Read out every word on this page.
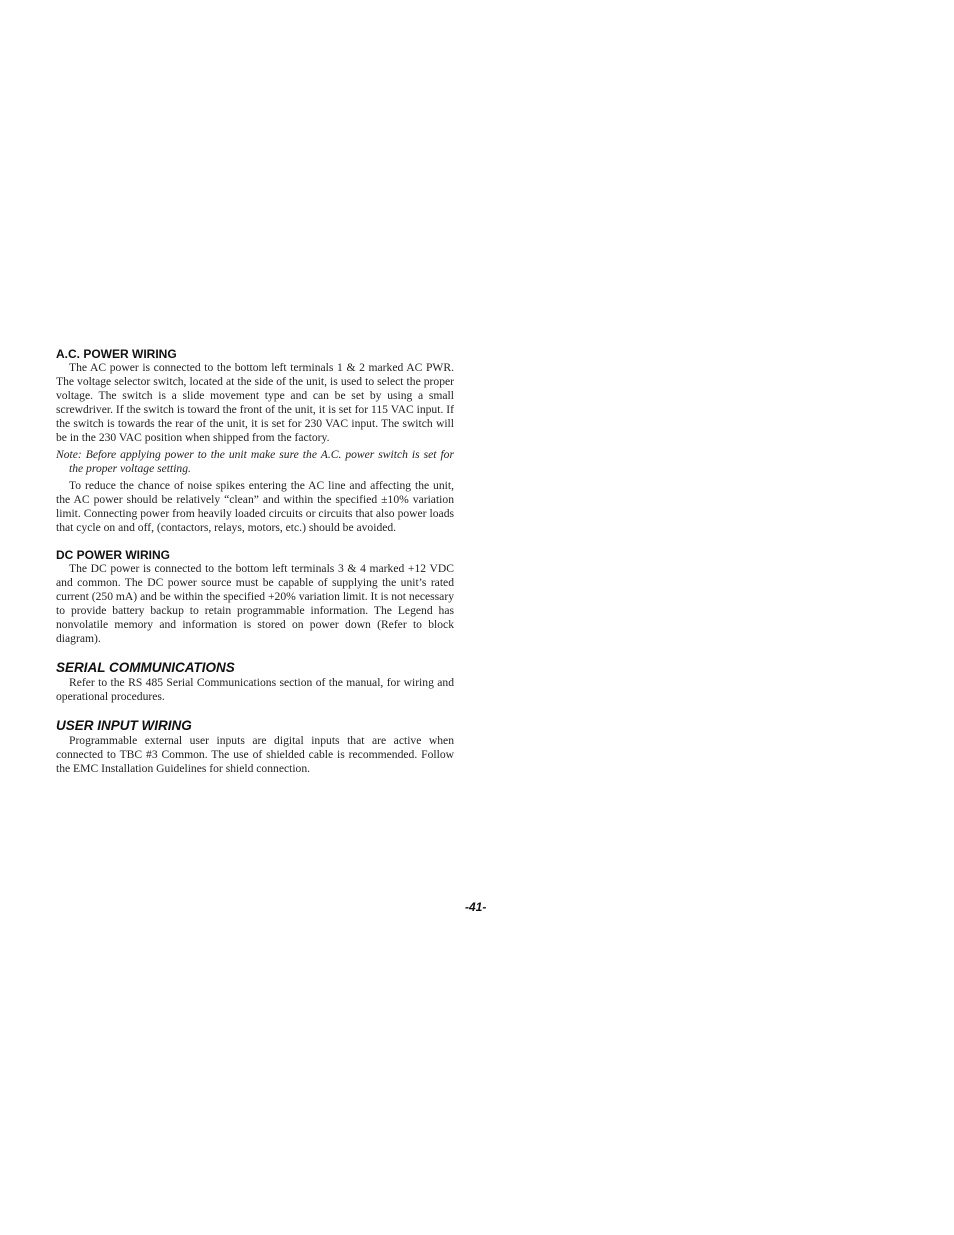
A.C. POWER WIRING

The AC power is connected to the bottom left terminals 1 & 2 marked AC PWR. The voltage selector switch, located at the side of the unit, is used to select the proper voltage. The switch is a slide movement type and can be set by using a small screwdriver. If the switch is toward the front of the unit, it is set for 115 VAC input. If the switch is towards the rear of the unit, it is set for 230 VAC input. The switch will be in the 230 VAC position when shipped from the factory.

Note: Before applying power to the unit make sure the A.C. power switch is set for the proper voltage setting.

To reduce the chance of noise spikes entering the AC line and affecting the unit, the AC power should be relatively “clean” and within the specified ±10% variation limit. Connecting power from heavily loaded circuits or circuits that also power loads that cycle on and off, (contactors, relays, motors, etc.) should be avoided.

DC POWER WIRING

The DC power is connected to the bottom left terminals 3 & 4 marked +12 VDC and common. The DC power source must be capable of supplying the unit’s rated current (250 mA) and be within the specified +20% variation limit. It is not necessary to provide battery backup to retain programmable information. The Legend has nonvolatile memory and information is stored on power down (Refer to block diagram).

SERIAL COMMUNICATIONS

Refer to the RS 485 Serial Communications section of the manual, for wiring and operational procedures.

USER INPUT WIRING

Programmable external user inputs are digital inputs that are active when connected to TBC #3 Common. The use of shielded cable is recommended. Follow the EMC Installation Guidelines for shield connection.

-41-
